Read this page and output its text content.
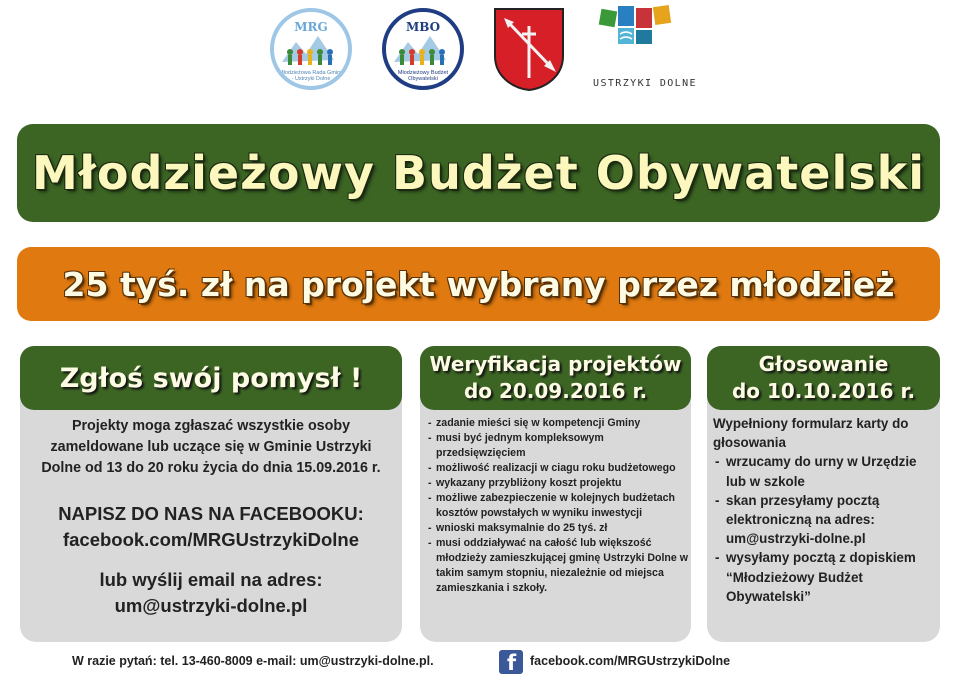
MRG
Młodzieżowa Rada Gminy - Ustrzyki Dolne
MBO
Młodzieżowy Budżet Obywatelski	USTRZYKI DOLNE
Młodzieżowy Budżet Obywatelski
25 tyś. zł na projekt wybrany przez młodzież
Zgłoś swój pomysł !

Projekty moga zgłaszać wszystkie osoby zameldowane lub uczące się w Gminie Ustrzyki Dolne od 13 do 20 roku życia do dnia 15.09.2016 r.

NAPISZ DO NAS NA FACEBOOKU:

facebook.com/MRGUstrzykiDolne

lub wyślij email na adres:

um@ustrzyki-dolne.pl

Weryfikacja projektów
do 20.09.2016 r.
- zadanie mieści się w kompetencji Gminy
- musi być jednym kompleksowym przedsięwzięciem
- możliwość realizacji w ciagu roku budżetowego
- wykazany przybliżony koszt projektu
- możliwe zabezpieczenie w kolejnych budżetach kosztów powstałych w wyniku inwestycji
- wnioski maksymalnie do 25 tyś. zł
- musi oddziaływać na całość lub większość młodzieży zamieszkującej gminę Ustrzyki Dolne w takim samym stopniu, niezależnie od miejsca zamieszkania i szkoły.
Głosowanie
do 10.10.2016 r.

Wypełniony formularz karty do głosowania

- wrzucamy do urny w Urzędzie lub w szkole
- skan przesyłamy pocztą elektroniczną na adres: um@ustrzyki-dolne.pl
- wysyłamy pocztą z dopiskiem “Młodzieżowy Budżet Obywatelski”
W razie pytań: tel. 13-460-8009 e-mail: um@ustrzyki-dolne.pl.	f facebook.com/MRGUstrzykiDolne
